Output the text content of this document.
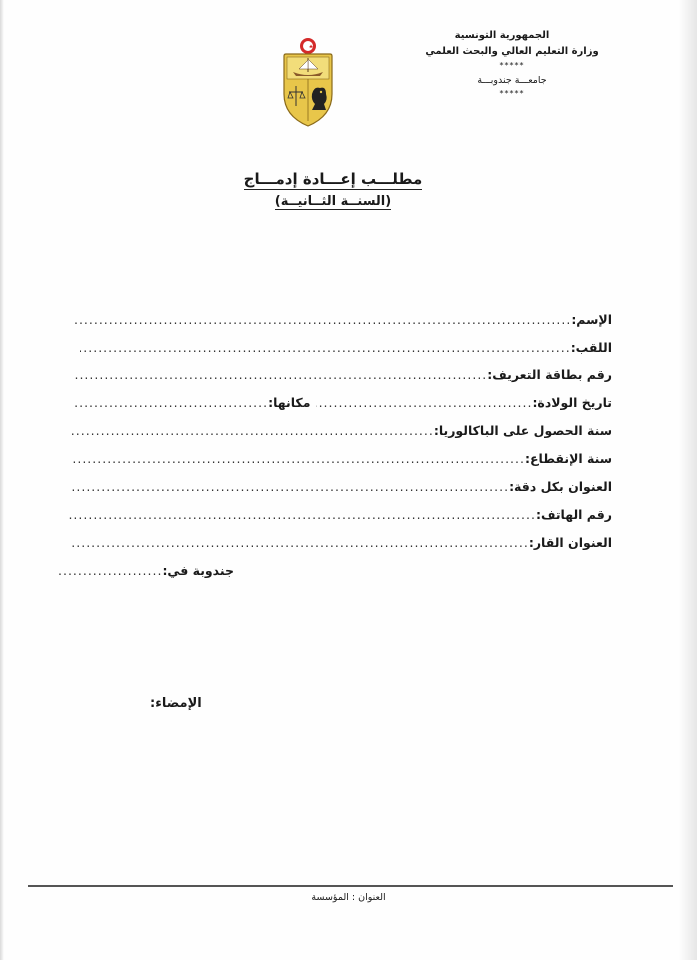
الجمهورية التونسية
وزارة التعليم العالي والبحث العلمي
*****
جامعـــة جندوبـــة
*****
مطلـــب إعـــادة إدمـــاج
(السنــة الثــانيــة)
الإسم:
.....
اللقب:
.....
رقم بطاقة التعريف:
.....
تاريخ الولادة:
.....
مكانها:
.....
سنة الحصول على الباكالوريا:
.....
سنة الإنقطاع:
.....
العنوان بكل دقة:
.....
رقم الهاتف:
.....
العنوان القار:
.....
جندوبة في:
.....
الإمضاء:
العنوان : المؤسسة
